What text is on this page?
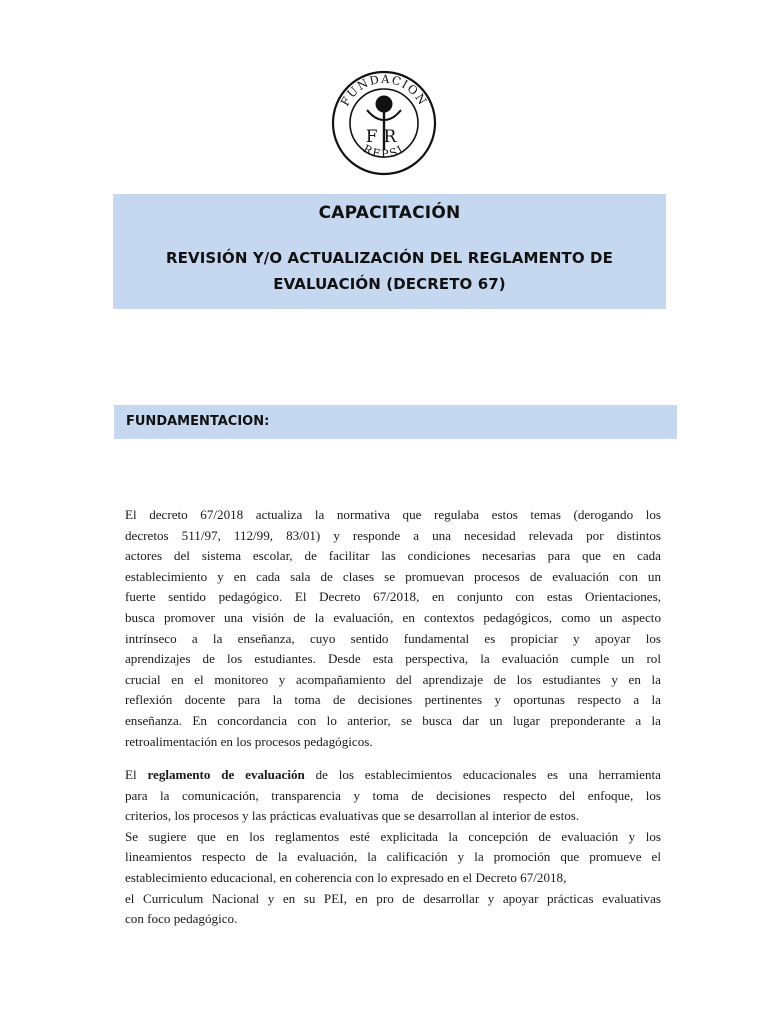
FUNDACION
REPSI
FR
CAPACITACIÓN
REVISIÓN Y/O ACTUALIZACIÓN DEL REGLAMENTO DE
EVALUACIÓN (DECRETO 67)
FUNDAMENTACION:
El decreto 67/2018 actualiza la normativa que regulaba estos temas (derogando los
decretos 511/97, 112/99, 83/01) y responde a una necesidad relevada por distintos
actores del sistema escolar, de facilitar las condiciones necesarias para que en cada
establecimiento y en cada sala de clases se promuevan procesos de evaluación con un
fuerte sentido pedagógico. El Decreto 67/2018, en conjunto con estas Orientaciones,
busca promover una visión de la evaluación, en contextos pedagógicos, como un aspecto
intrínseco a la enseñanza, cuyo sentido fundamental es propiciar y apoyar los
aprendizajes de los estudiantes. Desde esta perspectiva, la evaluación cumple un rol
crucial en el monitoreo y acompañamiento del aprendizaje de los estudiantes y en la
reflexión docente para la toma de decisiones pertinentes y oportunas respecto a la
enseñanza. En concordancia con lo anterior, se busca dar un lugar preponderante a la
retroalimentación en los procesos pedagógicos.
El reglamento de evaluación de los establecimientos educacionales es una herramienta
para la comunicación, transparencia y toma de decisiones respecto del enfoque, los
criterios, los procesos y las prácticas evaluativas que se desarrollan al interior de estos.
Se sugiere que en los reglamentos esté explicitada la concepción de evaluación y los
lineamientos respecto de la evaluación, la calificación y la promoción que promueve el
establecimiento educacional, en coherencia con lo expresado en el Decreto 67/2018,
el Curriculum Nacional y en su PEI, en pro de desarrollar y apoyar prácticas evaluativas
con foco pedagógico.
